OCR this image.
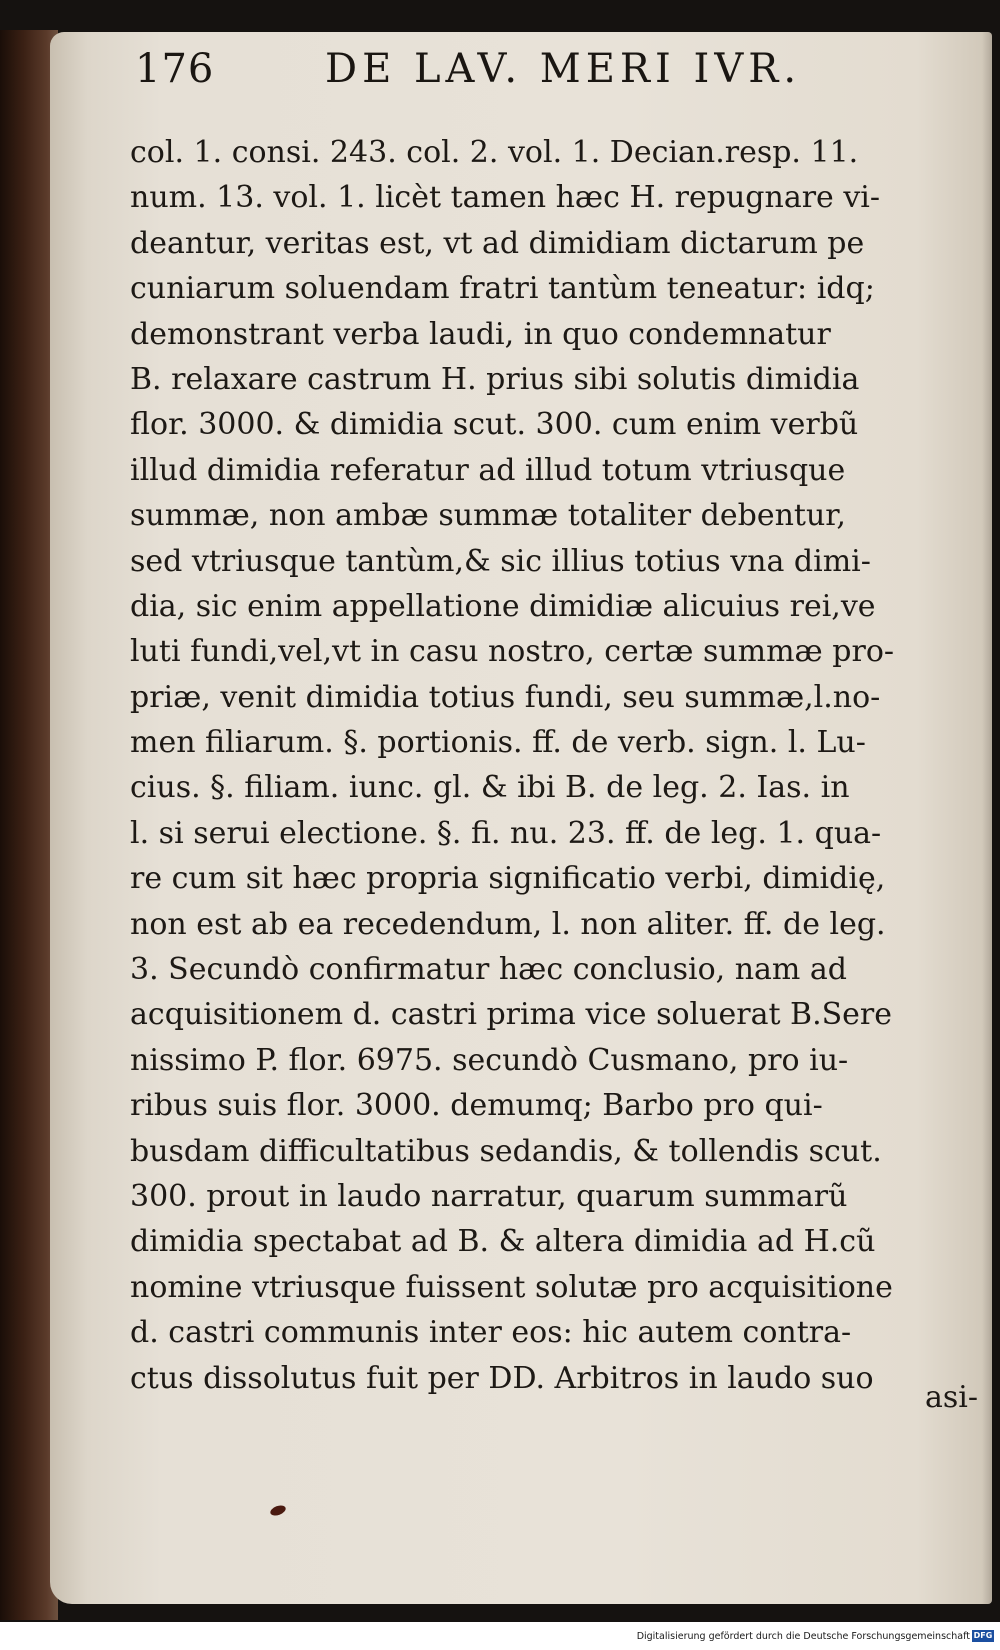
176	DE LAV. MERI IVR.
col. 1. consi. 243. col. 2. vol. 1. Decian.resp. 11.
num. 13. vol. 1. licèt tamen hæc H. repugnare vi-
deantur, veritas est, vt ad dimidiam dictarum pe
cuniarum soluendam fratri tantùm teneatur: idq;
demonstrant verba laudi, in quo condemnatur
B. relaxare castrum H. prius sibi solutis dimidia
flor. 3000. & dimidia scut. 300. cum enim verbũ
illud dimidia referatur ad illud totum vtriusque
summæ, non ambæ summæ totaliter debentur,
sed vtriusque tantùm,& sic illius totius vna dimi-
dia, sic enim appellatione dimidiæ alicuius rei,ve
luti fundi,vel,vt in casu nostro, certæ summæ pro-
priæ, venit dimidia totius fundi, seu summæ,l.no-
men filiarum. §. portionis. ff. de verb. sign. l. Lu-
cius. §. filiam. iunc. gl. & ibi B. de leg. 2. Ias. in
l. si serui electione. §. fi. nu. 23. ff. de leg. 1. qua-
re cum sit hæc propria significatio verbi, dimidię,
non est ab ea recedendum, l. non aliter. ff. de leg.
3. Secundò confirmatur hæc conclusio, nam ad
acquisitionem d. castri prima vice soluerat B.Sere
nissimo P. flor. 6975. secundò Cusmano, pro iu-
ribus suis flor. 3000. demumq; Barbo pro qui-
busdam difficultatibus sedandis, & tollendis scut.
300. prout in laudo narratur, quarum summarũ
dimidia spectabat ad B. & altera dimidia ad H.cũ
nomine vtriusque fuissent solutæ pro acquisitione
d. castri communis inter eos: hic autem contra-
ctus dissolutus fuit per DD. Arbitros in laudo suo
asi-
Digitalisierung gefördert durch die Deutsche Forschungsgemeinschaft DFG
